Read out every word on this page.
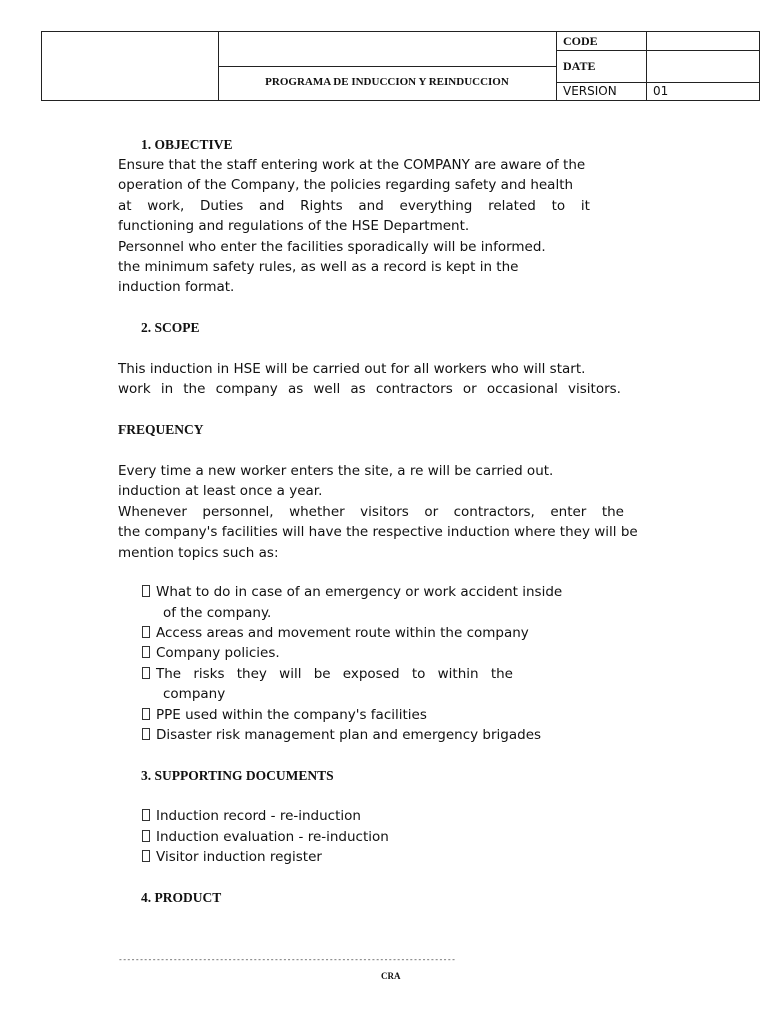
PROGRAMA DE INDUCCION Y REINDUCCION
CODE
DATE
VERSION	01
1. OBJECTIVE
Ensure that the staff entering work at the COMPANY are aware of the
operation of the Company, the policies regarding safety and health
at work, Duties and Rights and everything related to it
functioning and regulations of the HSE Department.
Personnel who enter the facilities sporadically will be informed.
the minimum safety rules, as well as a record is kept in the
induction format.
2. SCOPE
This induction in HSE will be carried out for all workers who will start.
work in the company as well as contractors or occasional visitors.
FREQUENCY
Every time a new worker enters the site, a re will be carried out.
induction at least once a year.
Whenever personnel, whether visitors or contractors, enter the
the company's facilities will have the respective induction where they will be
mention topics such as:
What to do in case of an emergency or work accident inside
of the company.
Access areas and movement route within the company
Company policies.
The risks they will be exposed to within the
company
PPE used within the company's facilities
Disaster risk management plan and emergency brigades
3. SUPPORTING DOCUMENTS
Induction record - re-induction
Induction evaluation - re-induction
Visitor induction register
4. PRODUCT
--------------------------------------------------------------------------------
CRA
